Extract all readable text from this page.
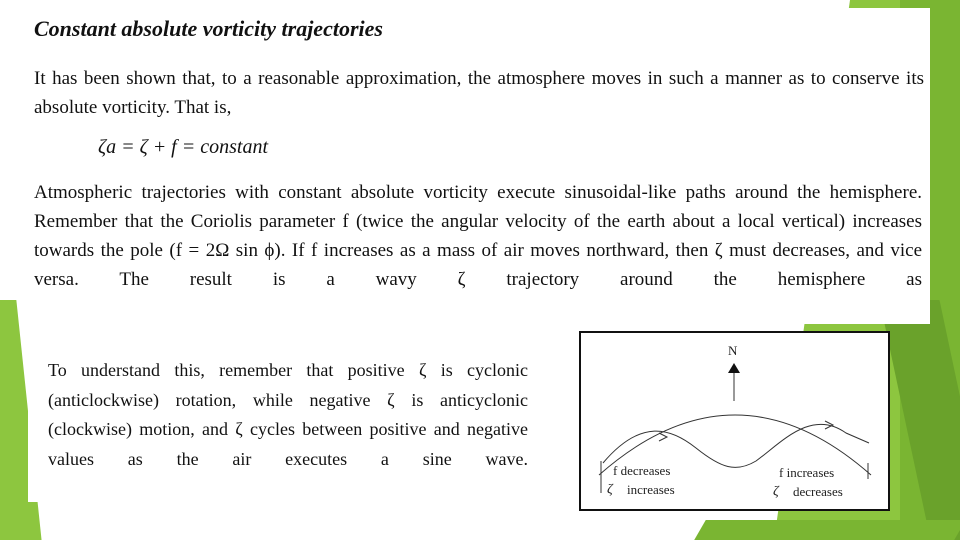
Constant absolute vorticity trajectories
It has been shown that, to a reasonable approximation, the atmosphere moves in such a manner as to conserve its absolute vorticity. That is,
ζa = ζ + f = constant
Atmospheric trajectories with constant absolute vorticity execute sinusoidal-like paths around the hemisphere. Remember that the Coriolis parameter f (twice the angular velocity of the earth about a local vertical) increases towards the pole (f = 2Ω sin ϕ). If f increases as a mass of air moves northward, then ζ must decreases, and vice versa. The result is a wavy ζ trajectory around the hemisphere as
To understand this, remember that positive ζ is cyclonic (anticlockwise) rotation, while negative ζ is anticyclonic (clockwise) motion, and ζ cycles between positive and negative values as the air executes a sine wave.
N
f decreases
ζ increases
f increases
ζ decreases
